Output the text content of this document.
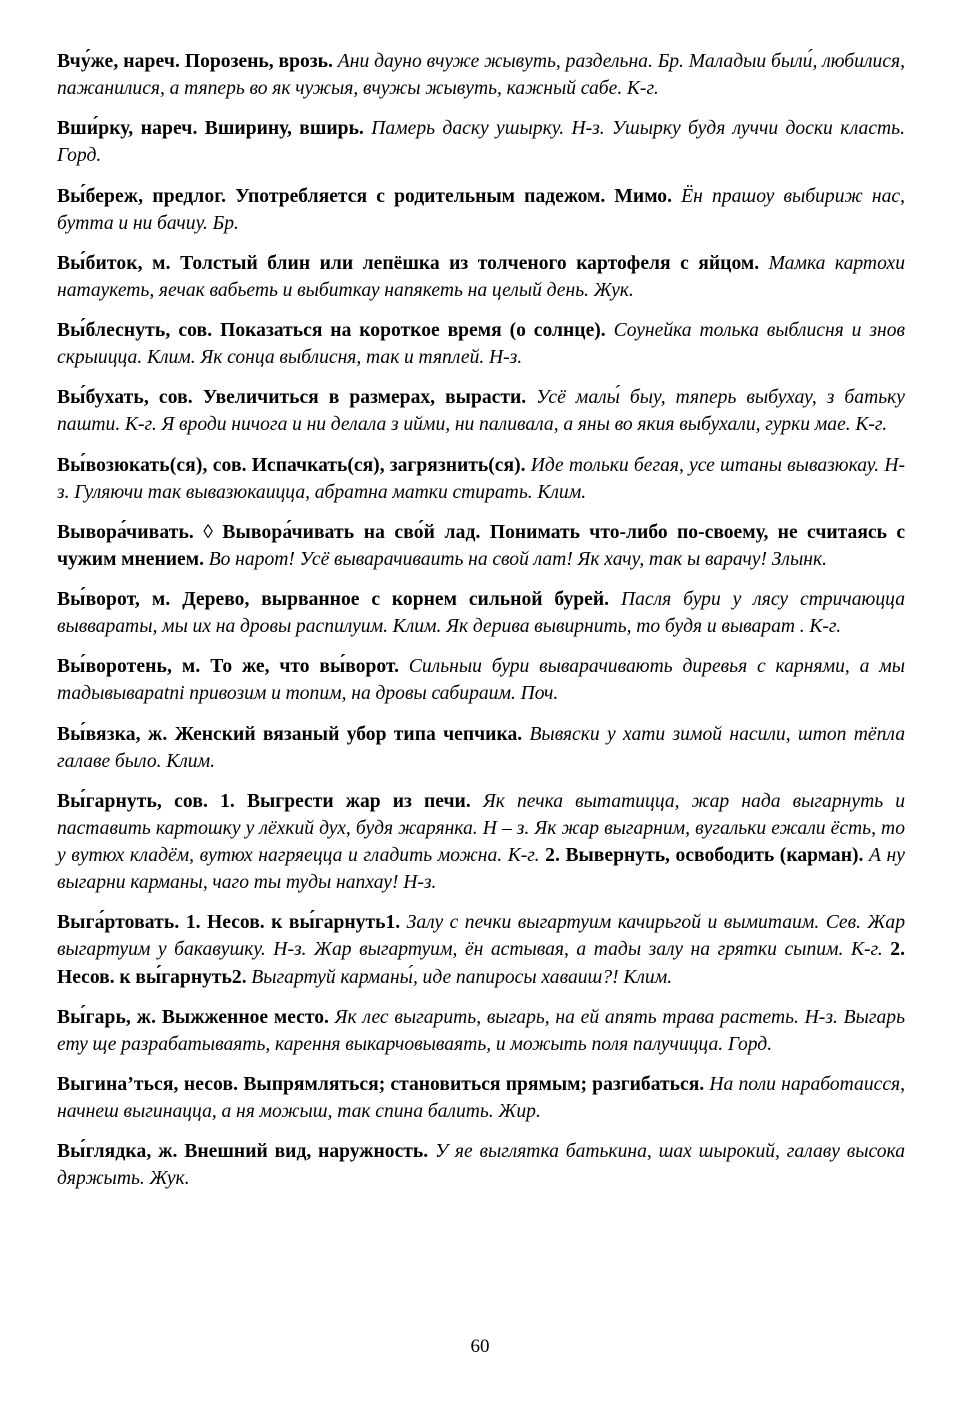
Вчу́же, нареч. Порозень, врозь. Ани дауно вчуже жывуть, раздельна. Бр. Маладыи были́, любилися, пажанилися, а тяперь во як чужыя, вчужы жывуть, кажный сабе. К-г.

Вши́рку, нареч. Вширину, вширь. Памерь даску ушырку. Н-з. Ушырку будя луччи доски класть. Горд.

Вы́береж, предлог. Употребляется с родительным падежом. Мимо. Ён прашоу выбириж нас, бутта и ни бачиу. Бр.

Вы́биток, м. Толстый блин или лепёшка из толченого картофеля с яйцом. Мамка картохи натаукеть, яечак вабьеть и выбиткау напякеть на целый день. Жук.

Вы́блеснуть, сов. Показаться на короткое время (о солнце). Соунейка толька выблисня и знов скрыицца. Клим. Як сонца выблисня, так и тяплей. Н-з.

Вы́бухать, сов. Увеличиться в размерах, вырасти. Усё малы́ быу, тяперь выбухау, з батьку пашти. К-г. Я вроди ничога и ни делала з ийми, ни паливала, а яны во якия выбухали, гурки мае. К-г.

Вы́возюкать(ся), сов. Испачкать(ся), загрязнить(ся). Иде тольки бегая, усе штаны вывазюкау. Н-з. Гуляючи так вывазюкаицца, абратна матки стирать. Клим.

Вывора́чивать. ◊ Вывора́чивать на сво́й лад. Понимать что-либо по-своему, не считаясь с чужим мнением. Во нарот! Усё выварачиваить на свой лат! Як хачу, так ы варачу! Злынк.

Вы́ворот, м. Дерево, вырванное с корнем сильной бурей. Пасля бури у лясу стричаюцца выввараты, мы их на дровы распилуим. Клим. Як дерива вывирнить, то будя и выварат . К-г.

Вы́воротень, м. То же, что вы́ворот. Сильныи бури выварачивають диревья с карнями, а мы тадывыварatni привозим и топим, на дровы сабираим. Поч.

Вы́вязка, ж. Женский вязаный убор типа чепчика. Вывяски у хати зимой насили, штоп тёпла галаве было. Клим.

Вы́гарнуть, сов. 1. Выгрести жар из печи. Як печка вытатицца, жар нада выгарнуть и паставить картошку у лёхкий дух, будя жарянка. Н – з. Як жар выгарним, вугальки ежали ёсть, то у вутюх кладём, вутюх нагряецца и гладить можна. К-г. 2. Вывернуть, освободить (карман). А ну выгарни карманы, чаго ты туды напхау! Н-з.

Выга́ртовать. 1. Несов. к вы́гарнуть1. Залу с печки выгартуим качирьгой и вымитаим. Сев. Жар выгартуим у бакавушку. Н-з. Жар выгартуим, ён астывая, а тады залу на грятки сыпим. К-г. 2. Несов. к вы́гарнуть2. Выгартуй карманы́, иде папиросы хаваиш?! Клим.

Вы́гарь, ж. Выжженное место. Як лес выгарить, выгарь, на ей апять трава растеть. Н-з. Выгарь ету ще разрабатываять, карення выкарчовываять, и можыть поля палучицца. Горд.

Выгина’ться, несов. Выпрямляться; становиться прямым; разгибаться. На поли наработаисся, начнеш выгинацца, а ня можыш, так спина балить. Жир.

Вы́глядка, ж. Внешний вид, наружность. У яе выглятка батькина, шах шырокий, галаву высока дяржыть. Жук.

60
